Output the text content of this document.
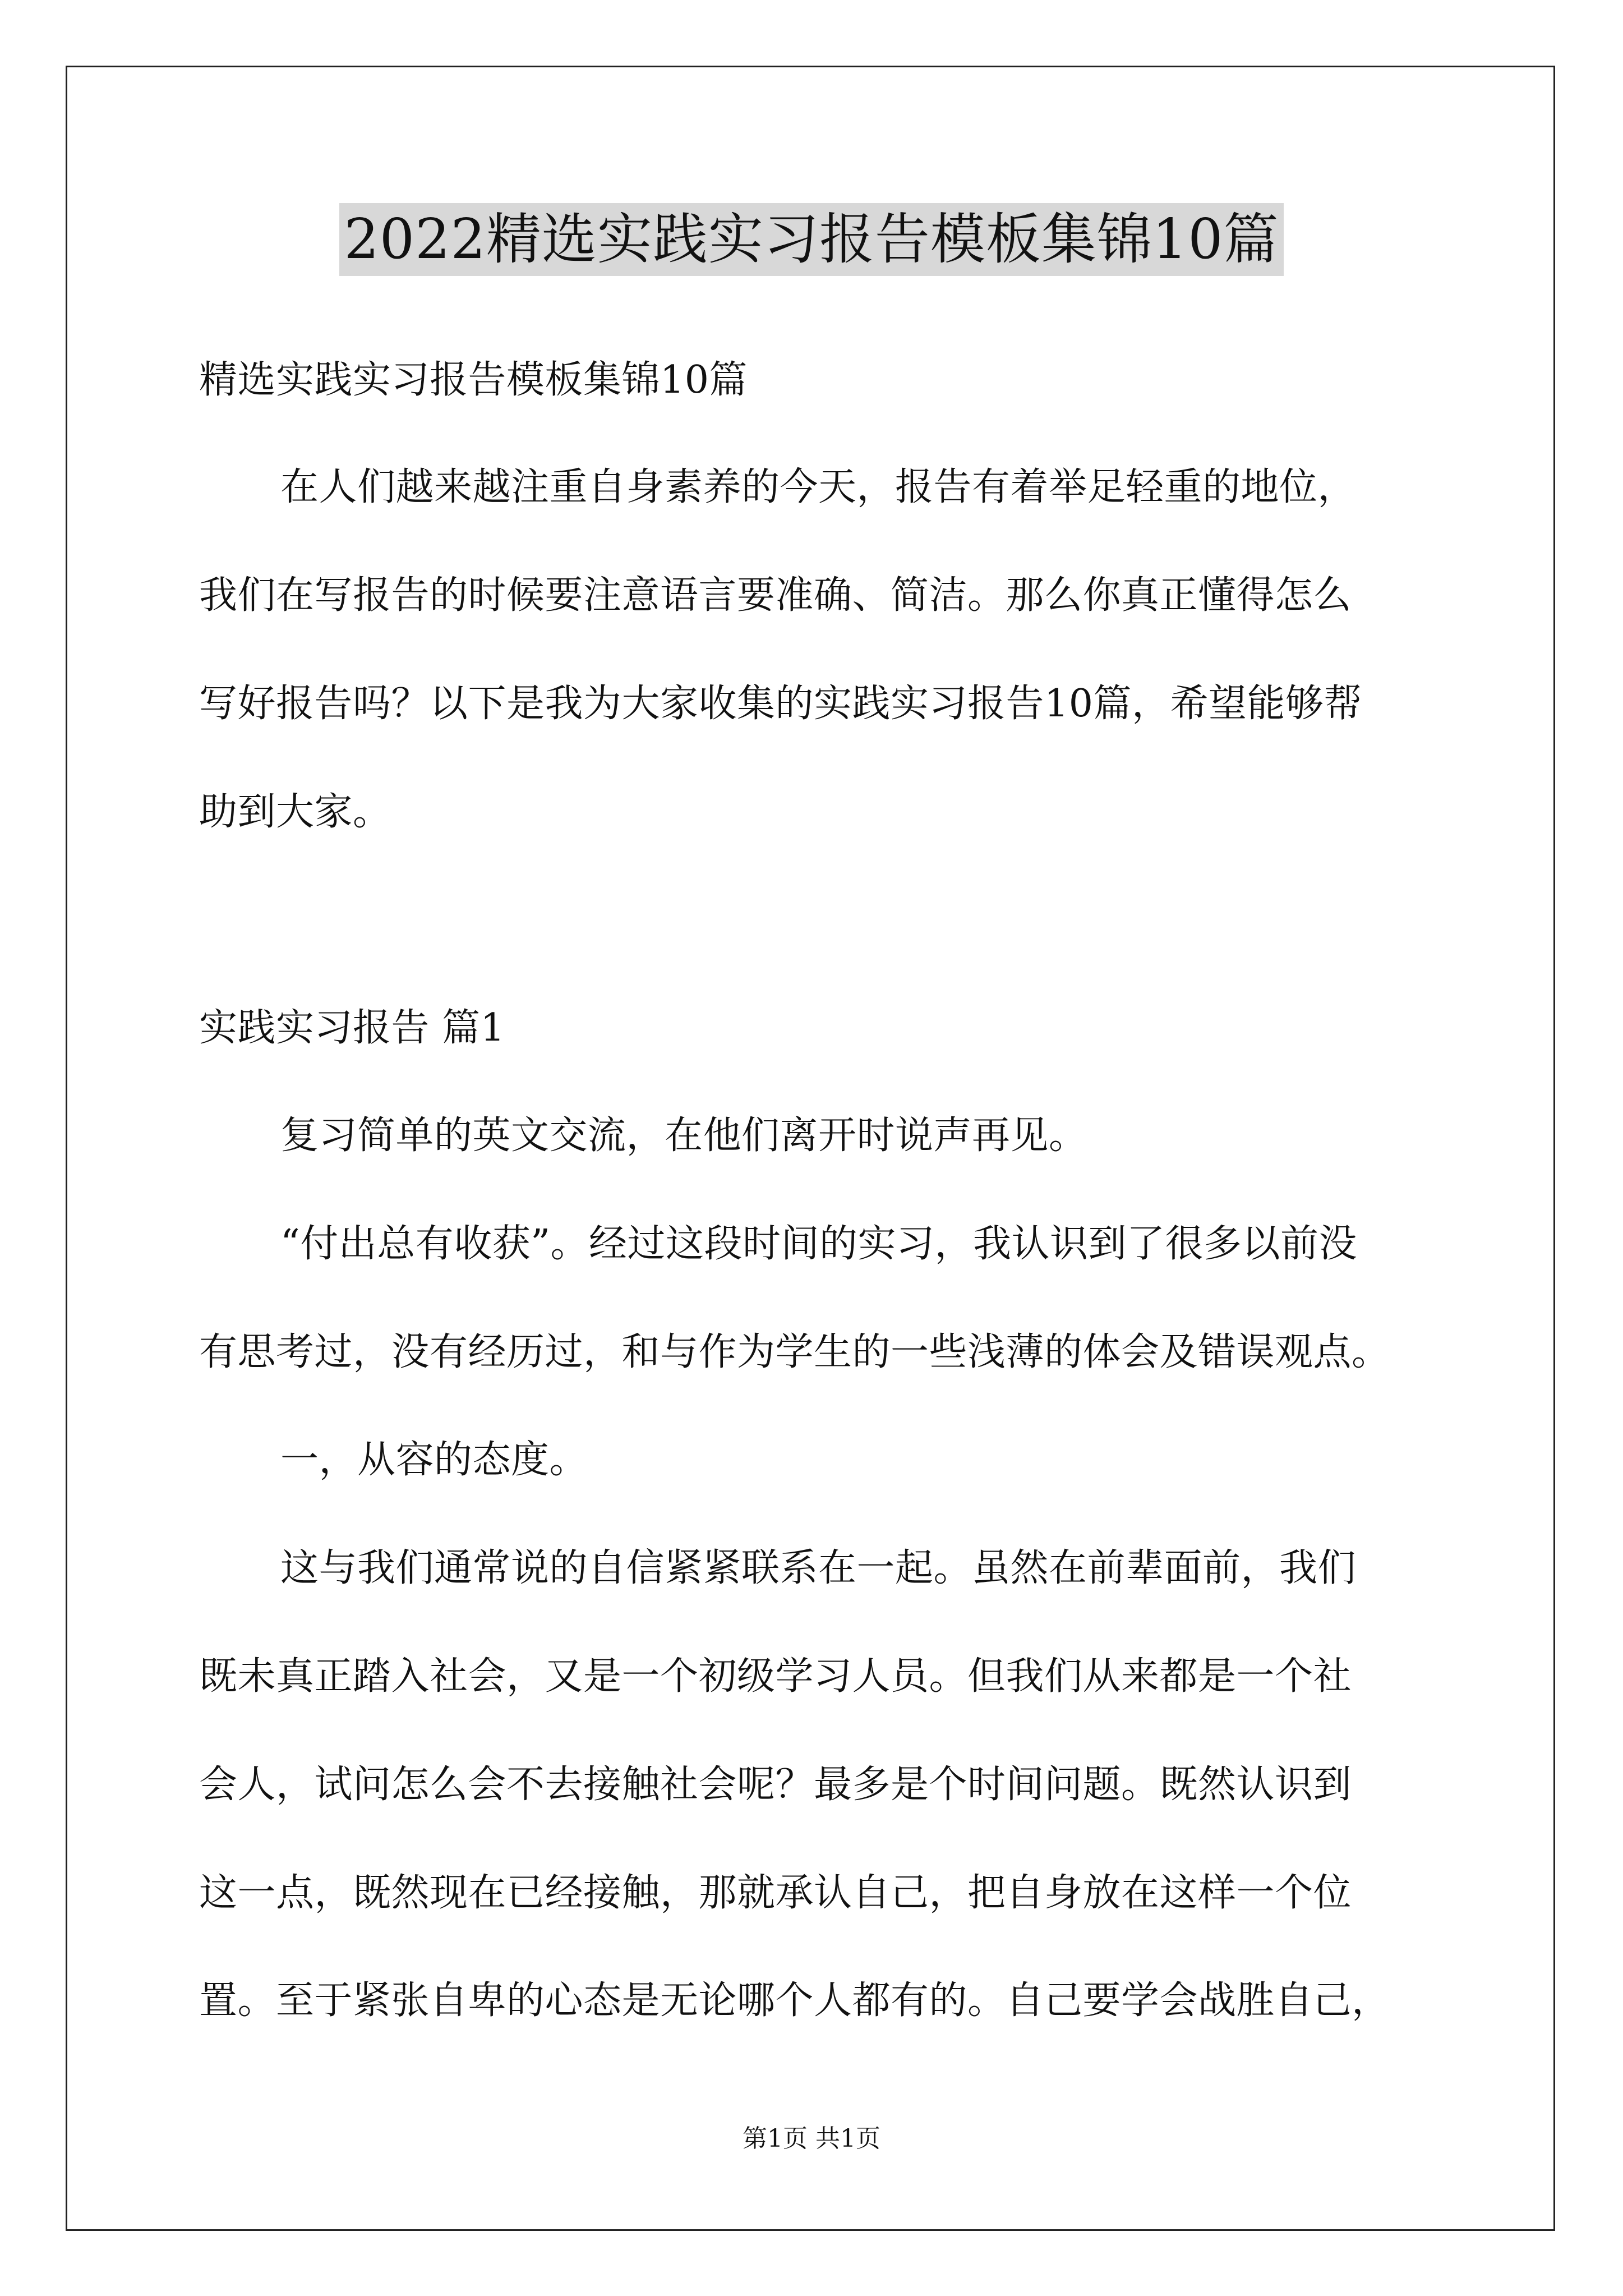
2022精选实践实习报告模板集锦10篇
精选实践实习报告模板集锦10篇
在人们越来越注重自身素养的今天，报告有着举足轻重的地位，
我们在写报告的时候要注意语言要准确、简洁。那么你真正懂得怎么
写好报告吗？以下是我为大家收集的实践实习报告10篇，希望能够帮
助到大家。
实践实习报告 篇1
复习简单的英文交流，在他们离开时说声再见。
“付出总有收获”。经过这段时间的实习，我认识到了很多以前没
有思考过，没有经历过，和与作为学生的一些浅薄的体会及错误观点。
一，从容的态度。
这与我们通常说的自信紧紧联系在一起。虽然在前辈面前，我们
既未真正踏入社会，又是一个初级学习人员。但我们从来都是一个社
会人，试问怎么会不去接触社会呢？最多是个时间问题。既然认识到
这一点，既然现在已经接触，那就承认自己，把自身放在这样一个位
置。至于紧张自卑的心态是无论哪个人都有的。自己要学会战胜自己，
第1页 共1页
